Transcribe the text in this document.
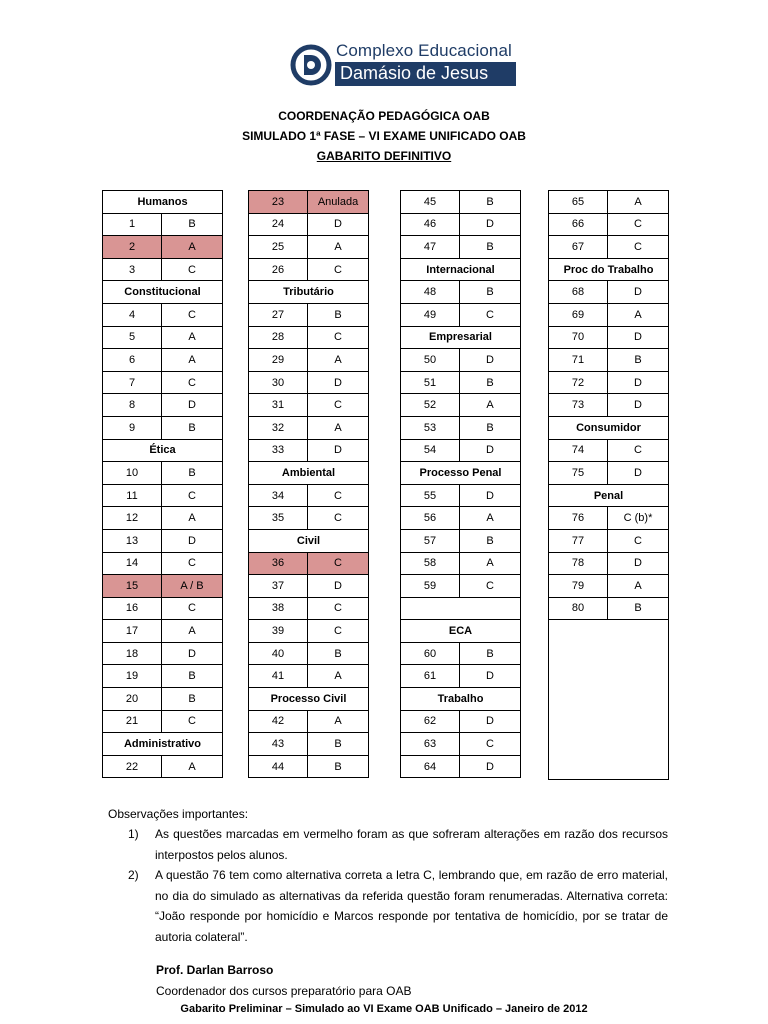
Complexo Educacional
Damásio de Jesus
COORDENAÇÃO PEDAGÓGICA OAB
SIMULADO 1ª FASE – VI EXAME UNIFICADO OAB
GABARITO DEFINITIVO
Humanos	
1	B
2	A
3	C
Constitucional	
4	C
5	A
6	A
7	C
8	D
9	B
Ética	
10	B
11	C
12	A
13	D
14	C
15	A / B
16	C
17	A
18	D
19	B
20	B
21	C
Administrativo	
22	A
23	Anulada
24	D
25	A
26	C
Tributário	
27	B
28	C
29	A
30	D
31	C
32	A
33	D
Ambiental	
34	C
35	C
Civil	
36	C
37	D
38	C
39	C
40	B
41	A
Processo Civil	
42	A
43	B
44	B
45	B
46	D
47	B
Internacional	
48	B
49	C
Empresarial	
50	D
51	B
52	A
53	B
54	D
Processo Penal	
55	D
56	A
57	B
58	A
59	C

ECA	
60	B
61	D
Trabalho	
62	D
63	C
64	D
65	A
66	C
67	C
Proc do Trabalho	
68	D
69	A
70	D
71	B
72	D
73	D
Consumidor	
74	C
75	D
Penal	
76	C (b)*
77	C
78	D
79	A
80	B

Observações importantes:
1) As questões marcadas em vermelho foram as que sofreram alterações em razão dos recursos interpostos pelos alunos.
2) A questão 76 tem como alternativa correta a letra C, lembrando que, em razão de erro material, no dia do simulado as alternativas da referida questão foram renumeradas. Alternativa correta: “João responde por homicídio e Marcos responde por tentativa de homicídio, por se tratar de autoria colateral”.
Prof. Darlan Barroso
Coordenador dos cursos preparatório para OAB
Gabarito Preliminar – Simulado ao VI Exame OAB Unificado – Janeiro de 2012
